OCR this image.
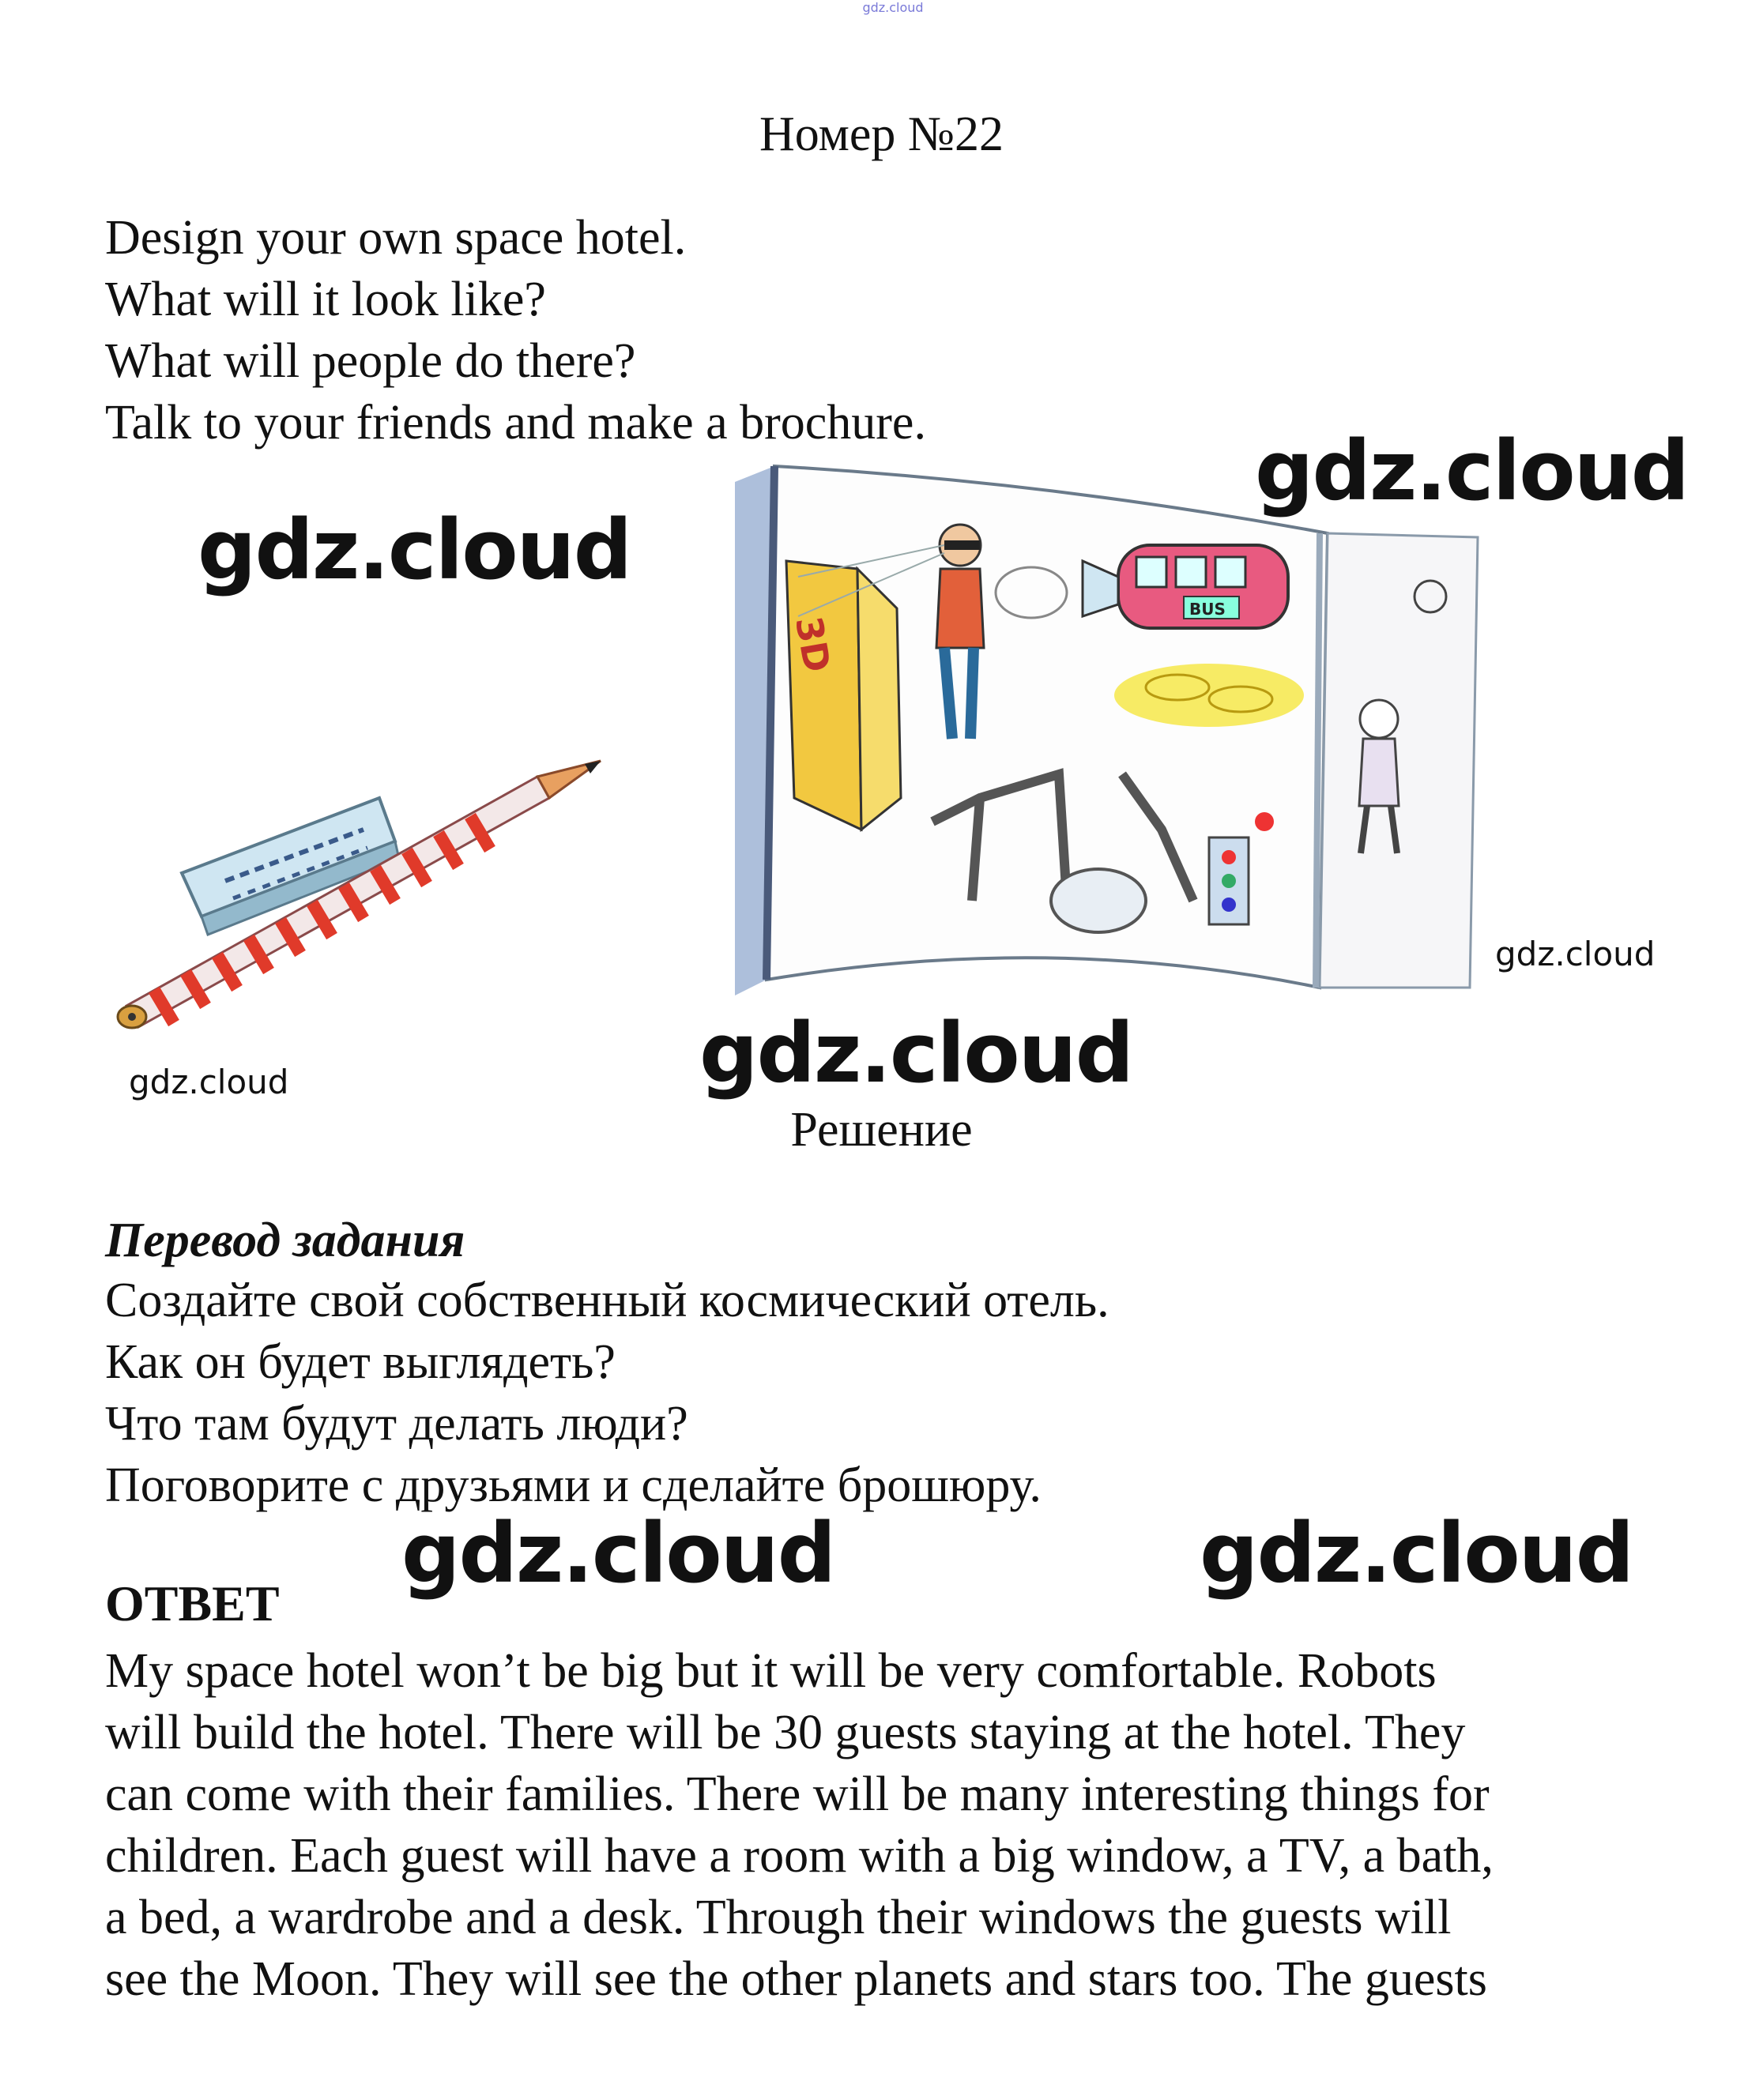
gdz.cloud
Номер №22
Design your own space hotel.
What will it look like?
What will people do there?
Talk to your friends and make a brochure.
3D
BUS
gdz.cloud
gdz.cloud
gdz.cloud
gdz.cloud	gdz.cloud
Решение
Перевод задания
Создайте свой собственный космический отель.
Как он будет выглядеть?
Что там будут делать люди?
Поговорите с друзьями и сделайте брошюру.
gdz.cloud	gdz.cloud
ОТВЕТ
My space hotel won’t be big but it will be very comfortable. Robots
will build the hotel. There will be 30 guests staying at the hotel. They
can come with their families. There will be many interesting things for
children. Each guest will have a room with a big window, a TV, a bath,
a bed, a wardrobe and a desk. Through their windows the guests will
see the Moon. They will see the other planets and stars too. The guests
